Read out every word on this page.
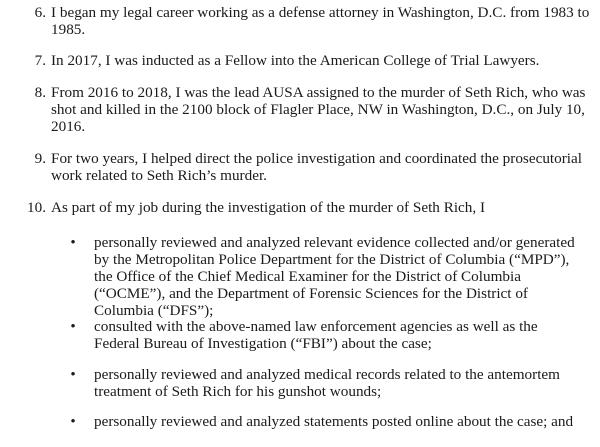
6. I began my legal career working as a defense attorney in Washington, D.C. from 1983 to 1985.
7. In 2017, I was inducted as a Fellow into the American College of Trial Lawyers.
8. From 2016 to 2018, I was the lead AUSA assigned to the murder of Seth Rich, who was shot and killed in the 2100 block of Flagler Place, NW in Washington, D.C., on July 10, 2016.
9. For two years, I helped direct the police investigation and coordinated the prosecutorial work related to Seth Rich’s murder.
10. As part of my job during the investigation of the murder of Seth Rich, I
• personally reviewed and analyzed relevant evidence collected and/or generated by the Metropolitan Police Department for the District of Columbia (“MPD”), the Office of the Chief Medical Examiner for the District of Columbia (“OCME”), and the Department of Forensic Sciences for the District of Columbia (“DFS”);
• consulted with the above-named law enforcement agencies as well as the Federal Bureau of Investigation (“FBI”) about the case;
• personally reviewed and analyzed medical records related to the antemortem treatment of Seth Rich for his gunshot wounds;
• personally reviewed and analyzed statements posted online about the case; and
